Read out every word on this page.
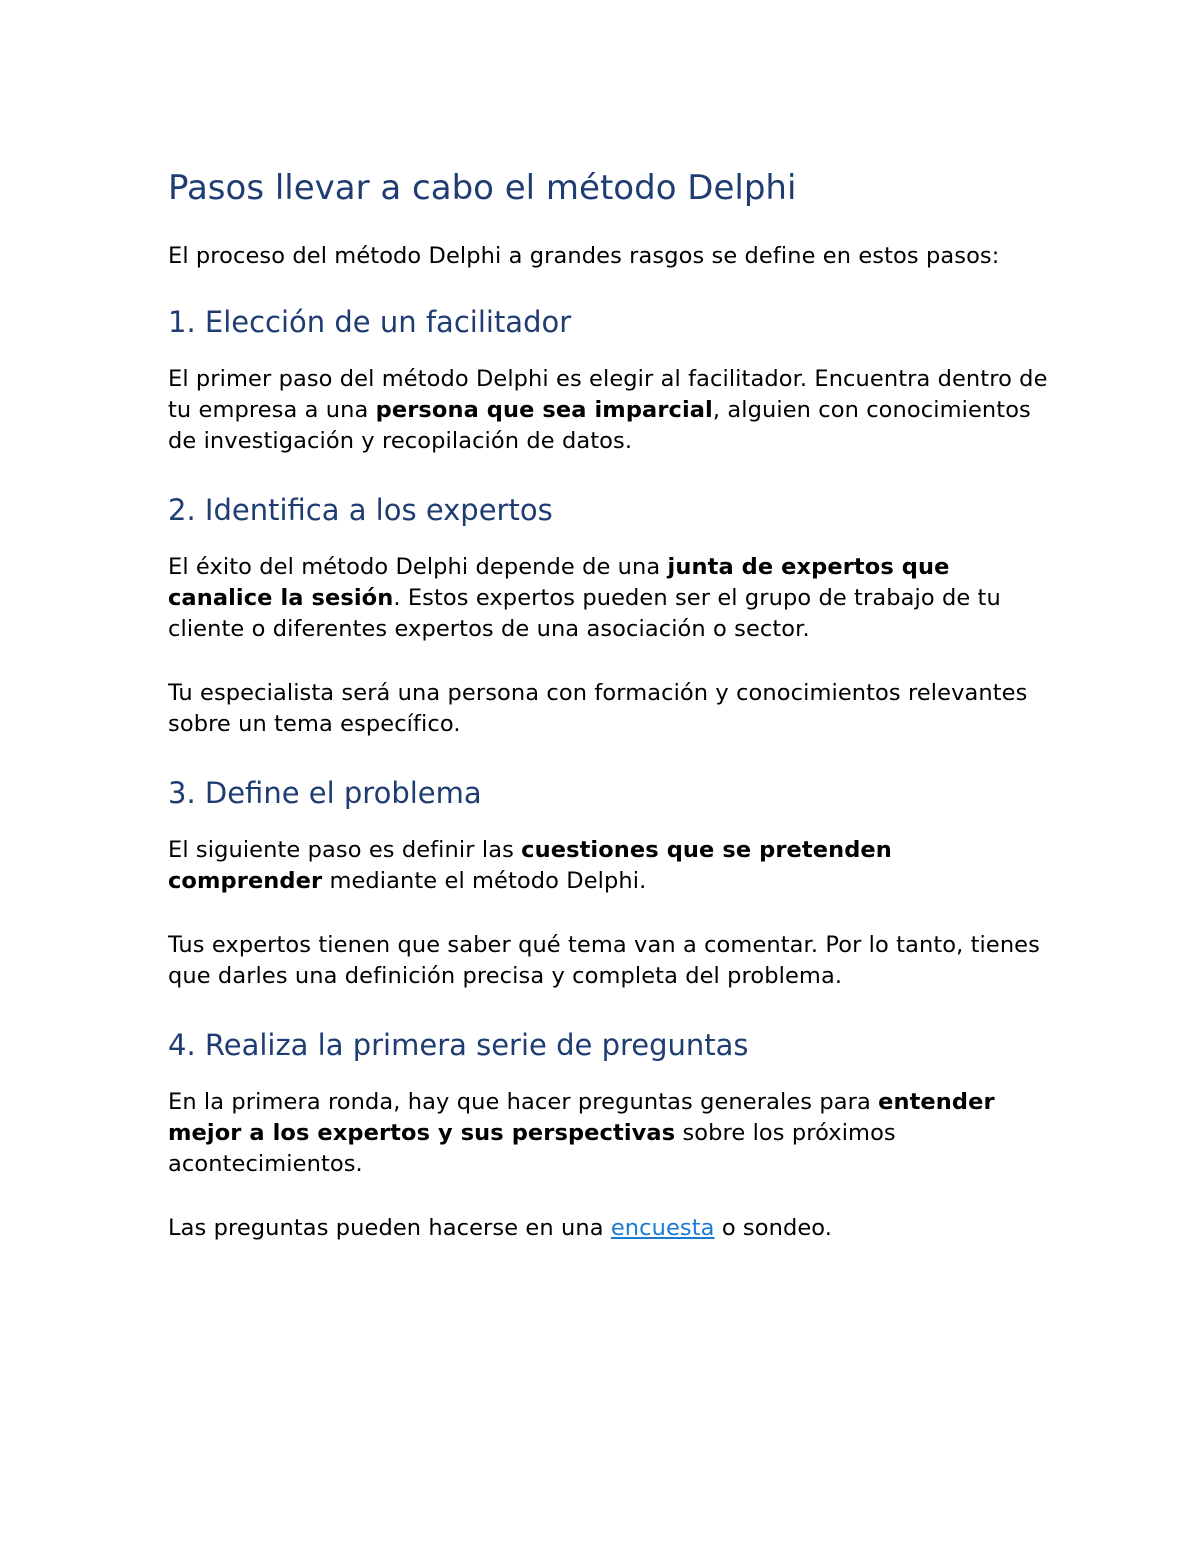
Pasos llevar a cabo el método Delphi

El proceso del método Delphi a grandes rasgos se define en estos pasos:

1. Elección de un facilitador

El primer paso del método Delphi es elegir al facilitador. Encuentra dentro de tu empresa a una persona que sea imparcial, alguien con conocimientos de investigación y recopilación de datos.

2. Identifica a los expertos

El éxito del método Delphi depende de una junta de expertos que canalice la sesión. Estos expertos pueden ser el grupo de trabajo de tu cliente o diferentes expertos de una asociación o sector.

Tu especialista será una persona con formación y conocimientos relevantes sobre un tema específico.

3. Define el problema

El siguiente paso es definir las cuestiones que se pretenden comprender mediante el método Delphi.

Tus expertos tienen que saber qué tema van a comentar. Por lo tanto, tienes que darles una definición precisa y completa del problema.

4. Realiza la primera serie de preguntas

En la primera ronda, hay que hacer preguntas generales para entender mejor a los expertos y sus perspectivas sobre los próximos acontecimientos.

Las preguntas pueden hacerse en una encuesta o sondeo.
